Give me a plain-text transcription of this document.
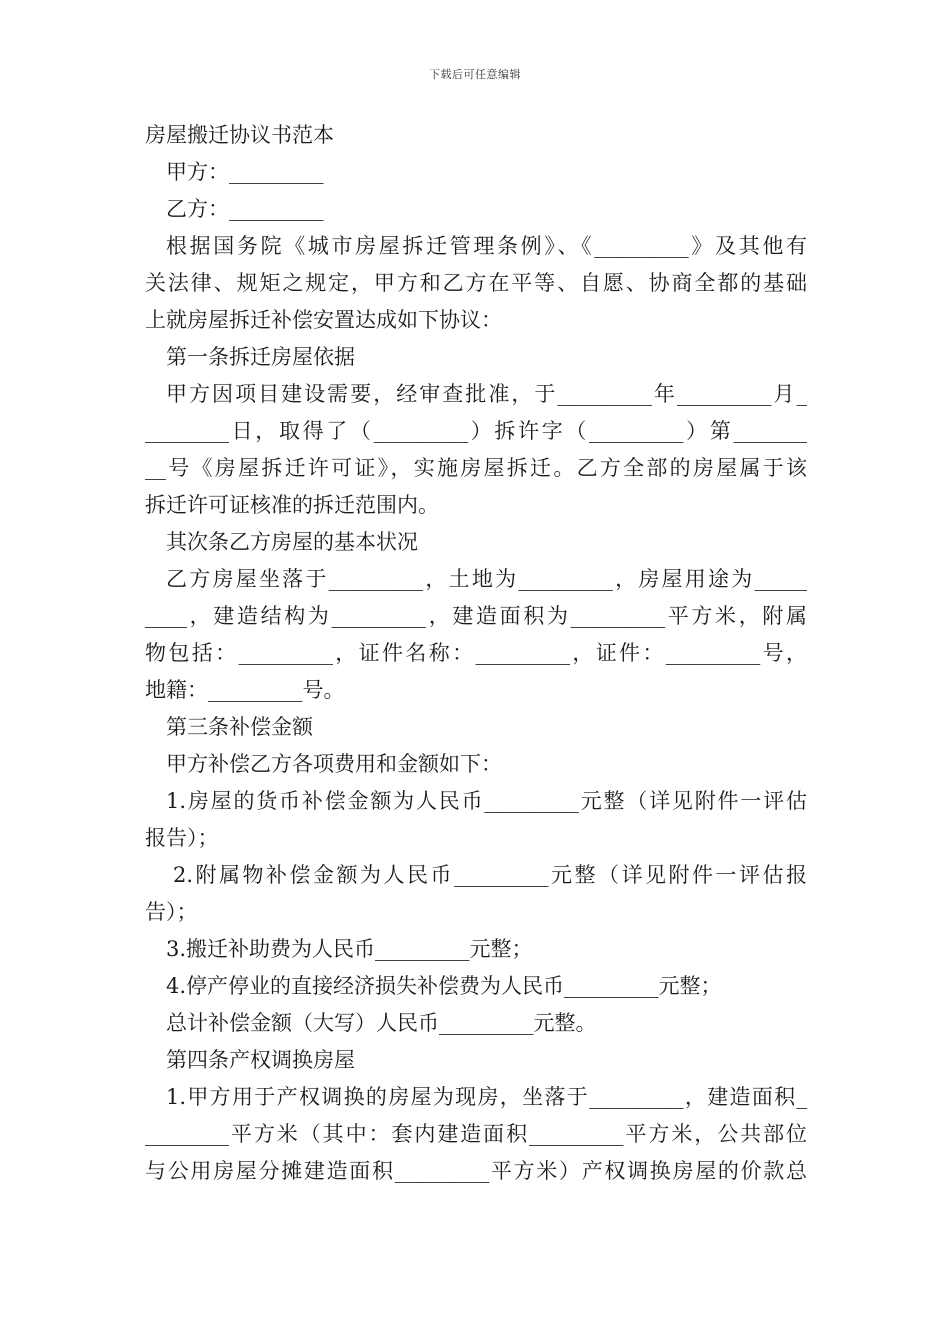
下载后可任意编辑
房屋搬迁协议书范本
甲方：_________
乙方：_________
根据国务院《城市房屋拆迁管理条例》、《_________》及其他有
关法律、规矩之规定，甲方和乙方在平等、自愿、协商全都的基础
上就房屋拆迁补偿安置达成如下协议：
第一条拆迁房屋依据
甲方因项目建设需要，经审查批准，于_________年_________月_
________日，取得了（_________）拆许字（_________）第_______
__号《房屋拆迁许可证》，实施房屋拆迁。乙方全部的房屋属于该
拆迁许可证核准的拆迁范围内。
其次条乙方房屋的基本状况
乙方房屋坐落于_________，土地为_________，房屋用途为_____
____，建造结构为_________，建造面积为_________平方米，附属
物包括：_________，证件名称：_________，证件：_________号，
地籍：_________号。
第三条补偿金额
甲方补偿乙方各项费用和金额如下：
1.房屋的货币补偿金额为人民币_________元整（详见附件一评估
报告）；
2.附属物补偿金额为人民币_________元整（详见附件一评估报
告）；
3.搬迁补助费为人民币_________元整；
4.停产停业的直接经济损失补偿费为人民币_________元整；
总计补偿金额（大写）人民币_________元整。
第四条产权调换房屋
1.甲方用于产权调换的房屋为现房，坐落于_________，建造面积_
________平方米（其中：套内建造面积_________平方米，公共部位
与公用房屋分摊建造面积_________平方米）产权调换房屋的价款总
